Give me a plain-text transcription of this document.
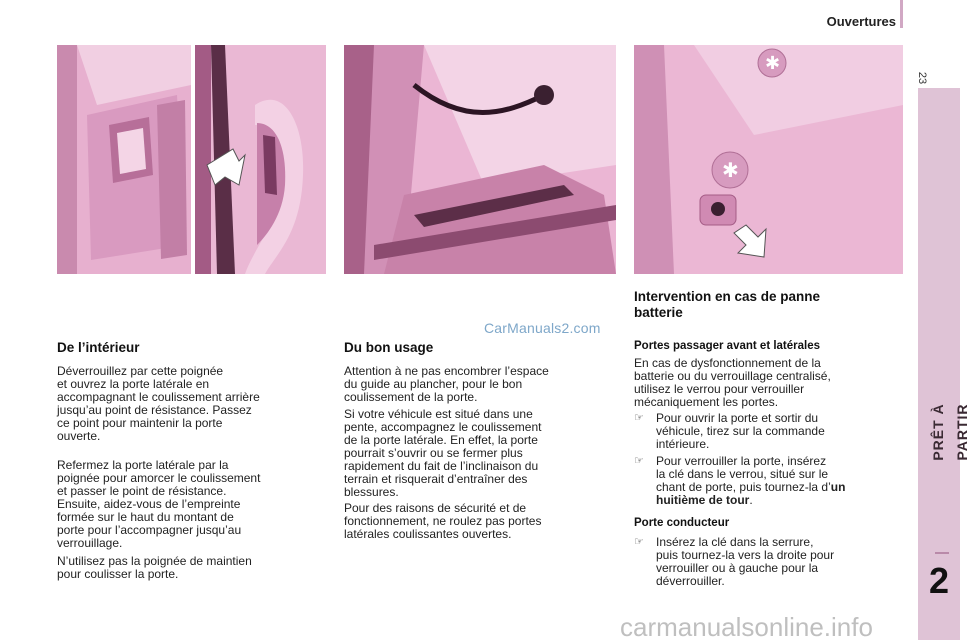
Ouvertures
23
PRÊT À PARTIR
2
✱
✱
De l’intérieur
Déverrouillez par cette poignée
et ouvrez la porte latérale en
accompagnant le coulissement arrière
jusqu’au point de résistance. Passez
ce point pour maintenir la porte
ouverte.
Refermez la porte latérale par la
poignée pour amorcer le coulissement
et passer le point de résistance.
Ensuite, aidez-vous de l’empreinte
formée sur le haut du montant de
porte pour l’accompagner jusqu’au
verrouillage.
N’utilisez pas la poignée de maintien
pour coulisser la porte.
Du bon usage
Attention à ne pas encombrer l’espace
du guide au plancher, pour le bon
coulissement de la porte.
Si votre véhicule est situé dans une
pente, accompagnez le coulissement
de la porte latérale. En effet, la porte
pourrait s’ouvrir ou se fermer plus
rapidement du fait de l’inclinaison du
terrain et risquerait d’entraîner des
blessures.
Pour des raisons de sécurité et de
fonctionnement, ne roulez pas portes
latérales coulissantes ouvertes.
Intervention en cas de panne
batterie
Portes passager avant et latérales
En cas de dysfonctionnement de la
batterie ou du verrouillage centralisé,
utilisez le verrou pour verrouiller
mécaniquement les portes.
☞ Pour ouvrir la porte et sortir du
véhicule, tirez sur la commande
intérieure.
☞ Pour verrouiller la porte, insérez
la clé dans le verrou, situé sur le
chant de porte, puis tournez-la d’un
huitième de tour.
Porte conducteur
☞ Insérez la clé dans la serrure,
puis tournez-la vers la droite pour
verrouiller ou à gauche pour la
déverrouiller.
CarManuals2.com
carmanualsonline.info
